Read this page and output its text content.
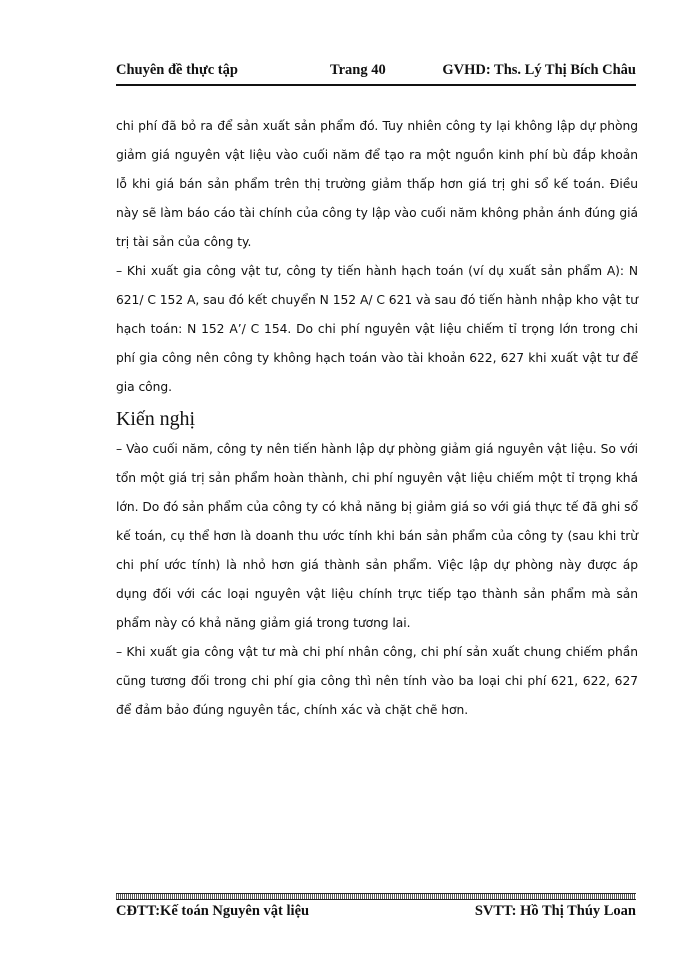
Chuyên đề thực tập	Trang 40	GVHD: Ths. Lý Thị Bích Châu

chi phí đã bỏ ra để sản xuất sản phẩm đó. Tuy nhiên công ty lại không lập dự phòng giảm giá nguyên vật liệu vào cuối năm để tạo ra một nguồn kinh phí bù đắp khoản lỗ khi giá bán sản phẩm trên thị trường giảm thấp hơn giá trị ghi sổ kế toán. Điều này sẽ làm báo cáo tài chính của công ty lập vào cuối năm không phản ánh đúng giá trị tài sản của công ty.

– Khi xuất gia công vật tư, công ty tiến hành hạch toán (ví dụ xuất sản phẩm A): N 621/ C 152 A, sau đó kết chuyển N 152 A/ C 621 và sau đó tiến hành nhập kho vật tư hạch toán: N 152 A’/ C 154. Do chi phí nguyên vật liệu chiếm tỉ trọng lớn trong chi phí gia công nên công ty không hạch toán vào tài khoản 622, 627 khi xuất vật tư để gia công.

Kiến nghị

– Vào cuối năm, công ty nên tiến hành lập dự phòng giảm giá nguyên vật liệu. So với tổn một giá trị sản phẩm hoàn thành, chi phí nguyên vật liệu chiếm một tỉ trọng khá lớn. Do đó sản phẩm của công ty có khả năng bị giảm giá so với giá thực tế đã ghi sổ kế toán, cụ thể hơn là doanh thu ước tính khi bán sản phẩm của công ty (sau khi trừ chi phí ước tính) là nhỏ hơn giá thành sản phẩm. Việc lập dự phòng này được áp dụng đối với các loại nguyên vật liệu chính trực tiếp tạo thành sản phẩm mà sản phẩm này có khả năng giảm giá trong tương lai.

– Khi xuất gia công vật tư mà chi phí nhân công, chi phí sản xuất chung chiếm phần cũng tương đối trong chi phí gia công thì nên tính vào ba loại chi phí 621, 622, 627 để đảm bảo đúng nguyên tắc, chính xác và chặt chẽ hơn.

CĐTT:Kế toán Nguyên vật liệu	SVTT: Hồ Thị Thúy Loan
